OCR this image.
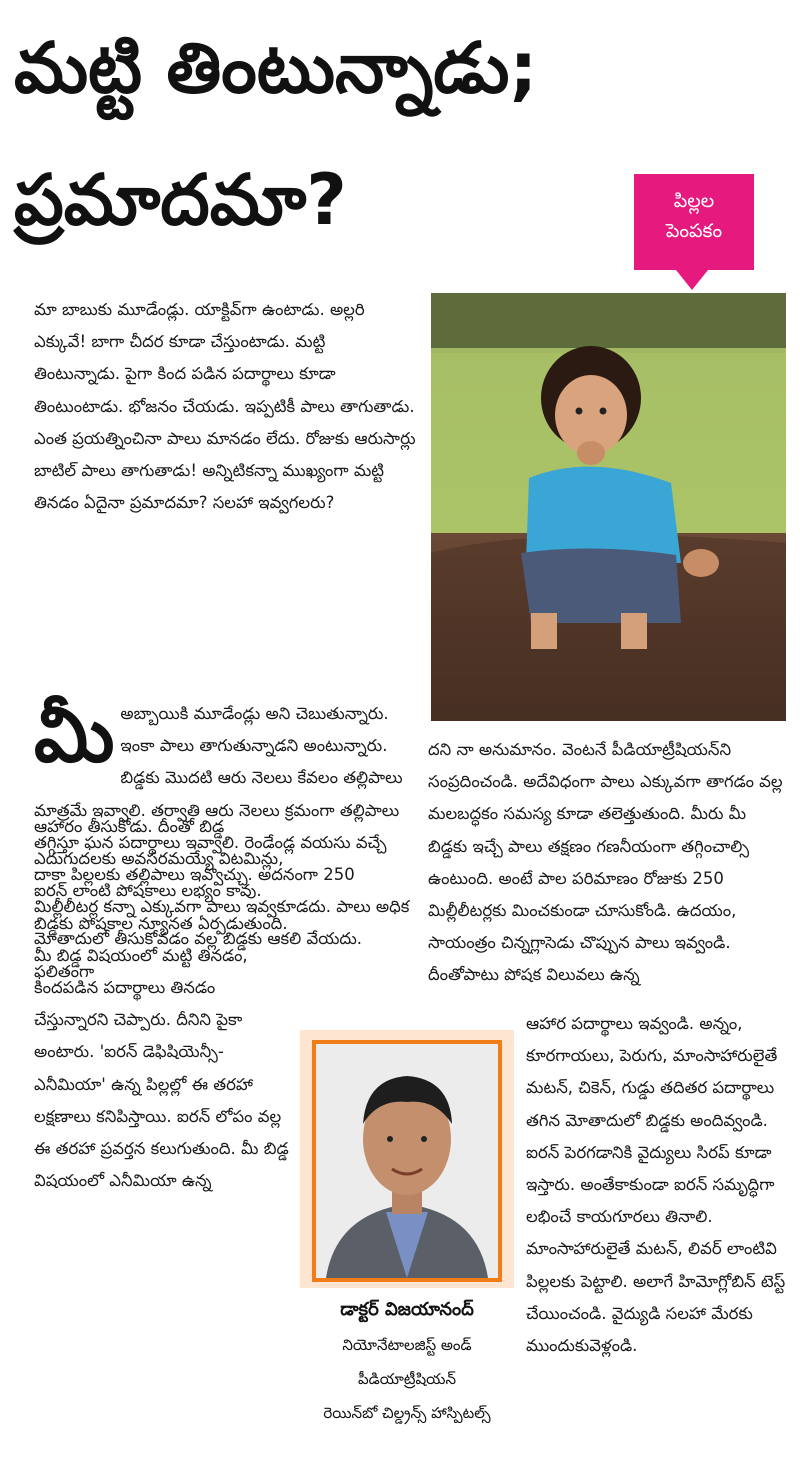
మట్టి తింటున్నాడు;
ప్రమాదమా?	పిల్లల
పెంపకం

మా బాబుకు మూడేండ్లు. యాక్టివ్‌గా ఉంటాడు. అల్లరి ఎక్కువే! బాగా చీదర కూడా చేస్తుంటాడు. మట్టి తింటున్నాడు. పైగా కింద పడిన పదార్థాలు కూడా తింటుంటాడు. భోజనం చేయడు. ఇప్పటికీ పాలు తాగుతాడు. ఎంత ప్రయత్నించినా పాలు మానడం లేదు. రోజుకు ఆరుసార్లు బాటిల్ పాలు తాగుతాడు! అన్నిటికన్నా ముఖ్యంగా మట్టి తినడం ఏదైనా ప్రమాదమా? సలహా ఇవ్వగలరు?

మీ అబ్బాయికి మూడేండ్లు అని చెబుతున్నారు. ఇంకా పాలు తాగుతున్నాడని అంటున్నారు. బిడ్డకు మొదటి ఆరు నెలలు కేవలం తల్లిపాలు మాత్రమే ఇవ్వాలి. తర్వాతి ఆరు నెలలు క్రమంగా తల్లిపాలు తగ్గిస్తూ ఘన పదార్థాలు ఇవ్వాలి. రెండేండ్ల వయసు వచ్చే దాకా పిల్లలకు తల్లిపాలు ఇవ్వొచ్చు. అదనంగా 250 మిల్లీలీటర్ల కన్నా ఎక్కువగా పాలు ఇవ్వకూడదు. పాలు అధిక మోతాదులో తీసుకోవడం వల్ల బిడ్డకు ఆకలి వేయదు. ఫలితంగా

ఆహారం తీసుకోడు. దీంతో బిడ్డ ఎదుగుదలకు అవసరమయ్యే విటమిన్లు, ఐరన్ లాంటి పోషకాలు లభ్యం కావు. బిడ్డకు పోషకాల న్యూనత ఏర్పడుతుంది. మీ బిడ్డ విషయంలో మట్టి తినడం, కిందపడిన పదార్థాలు తినడం చేస్తున్నారని చెప్పారు. దీనిని పైకా అంటారు. 'ఐరన్ డెఫిషియెన్సీ- ఎనీమియా' ఉన్న పిల్లల్లో ఈ తరహా లక్షణాలు కనిపిస్తాయి. ఐరన్ లోపం వల్ల ఈ తరహా ప్రవర్తన కలుగుతుంది. మీ బిడ్డ విషయంలో ఎనీమియా ఉన్న

దని నా అనుమానం. వెంటనే పీడియాట్రీషియన్‌ని సంప్రదించండి. అదేవిధంగా పాలు ఎక్కువగా తాగడం వల్ల మలబద్ధకం సమస్య కూడా తలెత్తుతుంది. మీరు మీ బిడ్డకు ఇచ్చే పాలు తక్షణం గణనీయంగా తగ్గించాల్సి ఉంటుంది. అంటే పాల పరిమాణం రోజుకు 250 మిల్లీలీటర్లకు మించకుండా చూసుకోండి. ఉదయం, సాయంత్రం చిన్నగ్లాసెడు చొప్పున పాలు ఇవ్వండి. దీంతోపాటు పోషక విలువలు ఉన్న

ఆహార పదార్థాలు ఇవ్వండి. అన్నం, కూరగాయలు, పెరుగు, మాంసాహారులైతే మటన్, చికెన్, గుడ్డు తదితర పదార్థాలు తగిన మోతాదులో బిడ్డకు అందివ్వండి. ఐరన్ పెరగడానికి వైద్యులు సిరప్ కూడా ఇస్తారు. అంతేకాకుండా ఐరన్ సమృద్ధిగా లభించే కాయగూరలు తినాలి. మాంసాహారులైతే మటన్, లివర్ లాంటివి పిల్లలకు పెట్టాలి. అలాగే హిమోగ్లోబిన్ టెస్ట్ చేయించండి. వైద్యుడి సలహా మేరకు ముందుకువెళ్లండి.

డాక్టర్ విజయానంద్
నియోనేటాలజిస్ట్ అండ్ పీడియాట్రీషియన్
రెయిన్‌బో చిల్డ్రన్స్ హాస్పిటల్స్
